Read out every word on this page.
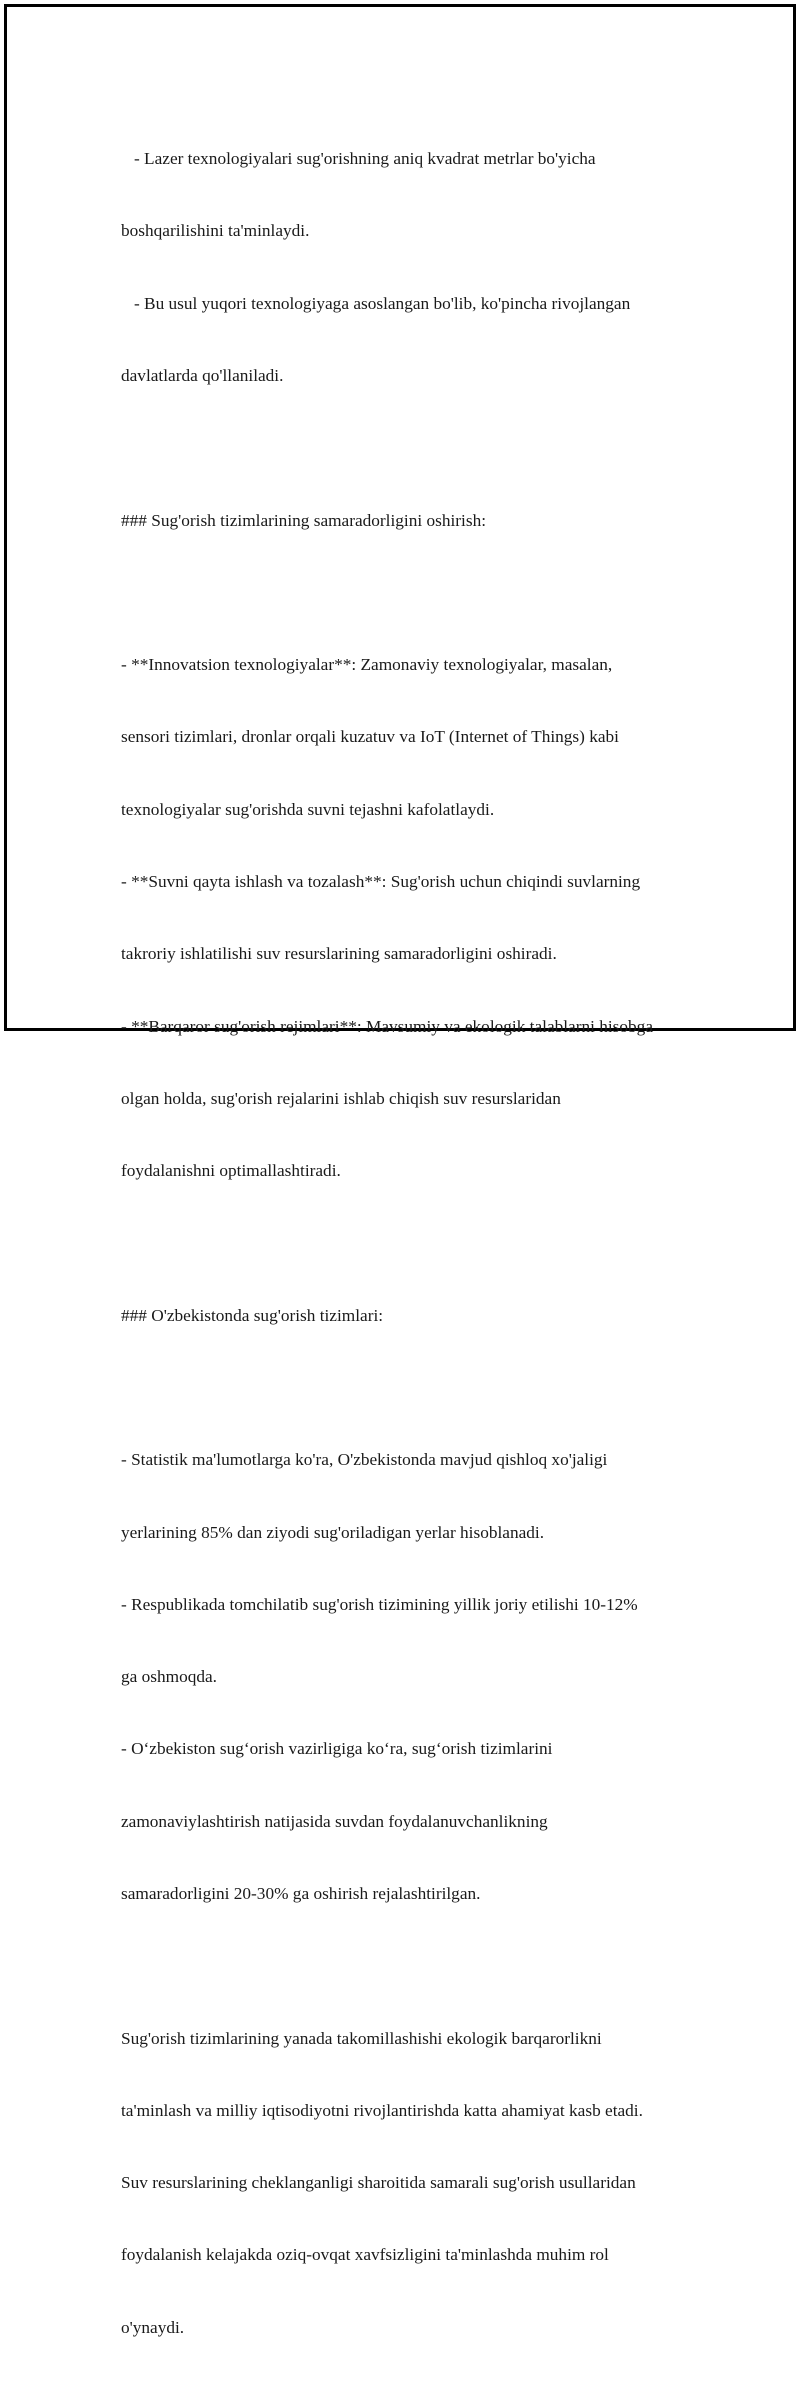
- Lazer texnologiyalari sug'orishning aniq kvadrat metrlar bo'yicha

boshqarilishini ta'minlaydi.

- Bu usul yuqori texnologiyaga asoslangan bo'lib, ko'pincha rivojlangan

davlatlarda qo'llaniladi.

### Sug'orish tizimlarining samaradorligini oshirish:

- **Innovatsion texnologiyalar**: Zamonaviy texnologiyalar, masalan,

sensori tizimlari, dronlar orqali kuzatuv va IoT (Internet of Things) kabi

texnologiyalar sug'orishda suvni tejashni kafolatlaydi.

- **Suvni qayta ishlash va tozalash**: Sug'orish uchun chiqindi suvlarning

takroriy ishlatilishi suv resurslarining samaradorligini oshiradi.

- **Barqaror sug'orish rejimlari**: Mavsumiy va ekologik talablarni hisobga

olgan holda, sug'orish rejalarini ishlab chiqish suv resurslaridan

foydalanishni optimallashtiradi.

### O'zbekistonda sug'orish tizimlari:

- Statistik ma'lumotlarga ko'ra, O'zbekistonda mavjud qishloq xo'jaligi

yerlarining 85% dan ziyodi sug'oriladigan yerlar hisoblanadi.

- Respublikada tomchilatib sug'orish tizimining yillik joriy etilishi 10-12%

ga oshmoqda.

- O‘zbekiston sug‘orish vazirligiga ko‘ra, sug‘orish tizimlarini

zamonaviylashtirish natijasida suvdan foydalanuvchanlikning

samaradorligini 20-30% ga oshirish rejalashtirilgan.

Sug'orish tizimlarining yanada takomillashishi ekologik barqarorlikni

ta'minlash va milliy iqtisodiyotni rivojlantirishda katta ahamiyat kasb etadi.

Suv resurslarining cheklanganligi sharoitida samarali sug'orish usullaridan

foydalanish kelajakda oziq-ovqat xavfsizligini ta'minlashda muhim rol

o'ynaydi.
